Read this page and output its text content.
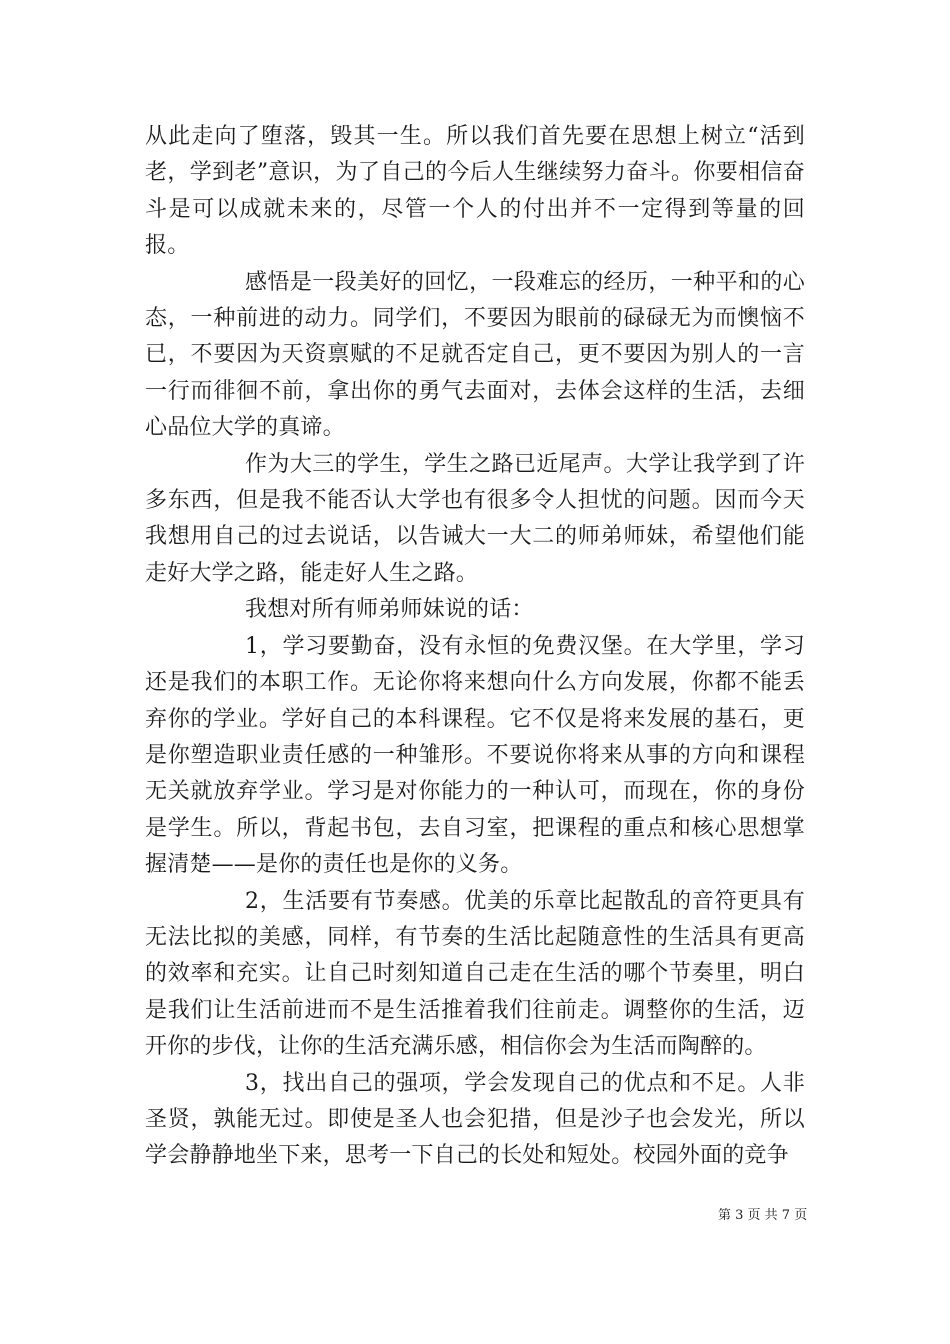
从此走向了堕落，毁其一生。所以我们首先要在思想上树立“活到老，学到老”意识，为了自己的今后人生继续努力奋斗。你要相信奋斗是可以成就未来的，尽管一个人的付出并不一定得到等量的回报。

感悟是一段美好的回忆，一段难忘的经历，一种平和的心态，一种前进的动力。同学们，不要因为眼前的碌碌无为而懊恼不已，不要因为天资禀赋的不足就否定自己，更不要因为别人的一言一行而徘徊不前，拿出你的勇气去面对，去体会这样的生活，去细心品位大学的真谛。

作为大三的学生，学生之路已近尾声。大学让我学到了许多东西，但是我不能否认大学也有很多令人担忧的问题。因而今天我想用自己的过去说话，以告诫大一大二的师弟师妹，希望他们能走好大学之路，能走好人生之路。

我想对所有师弟师妹说的话：

1，学习要勤奋，没有永恒的免费汉堡。在大学里，学习还是我们的本职工作。无论你将来想向什么方向发展，你都不能丢弃你的学业。学好自己的本科课程。它不仅是将来发展的基石，更是你塑造职业责任感的一种雏形。不要说你将来从事的方向和课程无关就放弃学业。学习是对你能力的一种认可，而现在，你的身份是学生。所以，背起书包，去自习室，把课程的重点和核心思想掌握清楚——是你的责任也是你的义务。

2，生活要有节奏感。优美的乐章比起散乱的音符更具有无法比拟的美感，同样，有节奏的生活比起随意性的生活具有更高的效率和充实。让自己时刻知道自己走在生活的哪个节奏里，明白是我们让生活前进而不是生活推着我们往前走。调整你的生活，迈开你的步伐，让你的生活充满乐感，相信你会为生活而陶醉的。

3，找出自己的强项，学会发现自己的优点和不足。人非圣贤，孰能无过。即使是圣人也会犯措，但是沙子也会发光，所以学会静静地坐下来，思考一下自己的长处和短处。校园外面的竞争

第 3 页 共 7 页
